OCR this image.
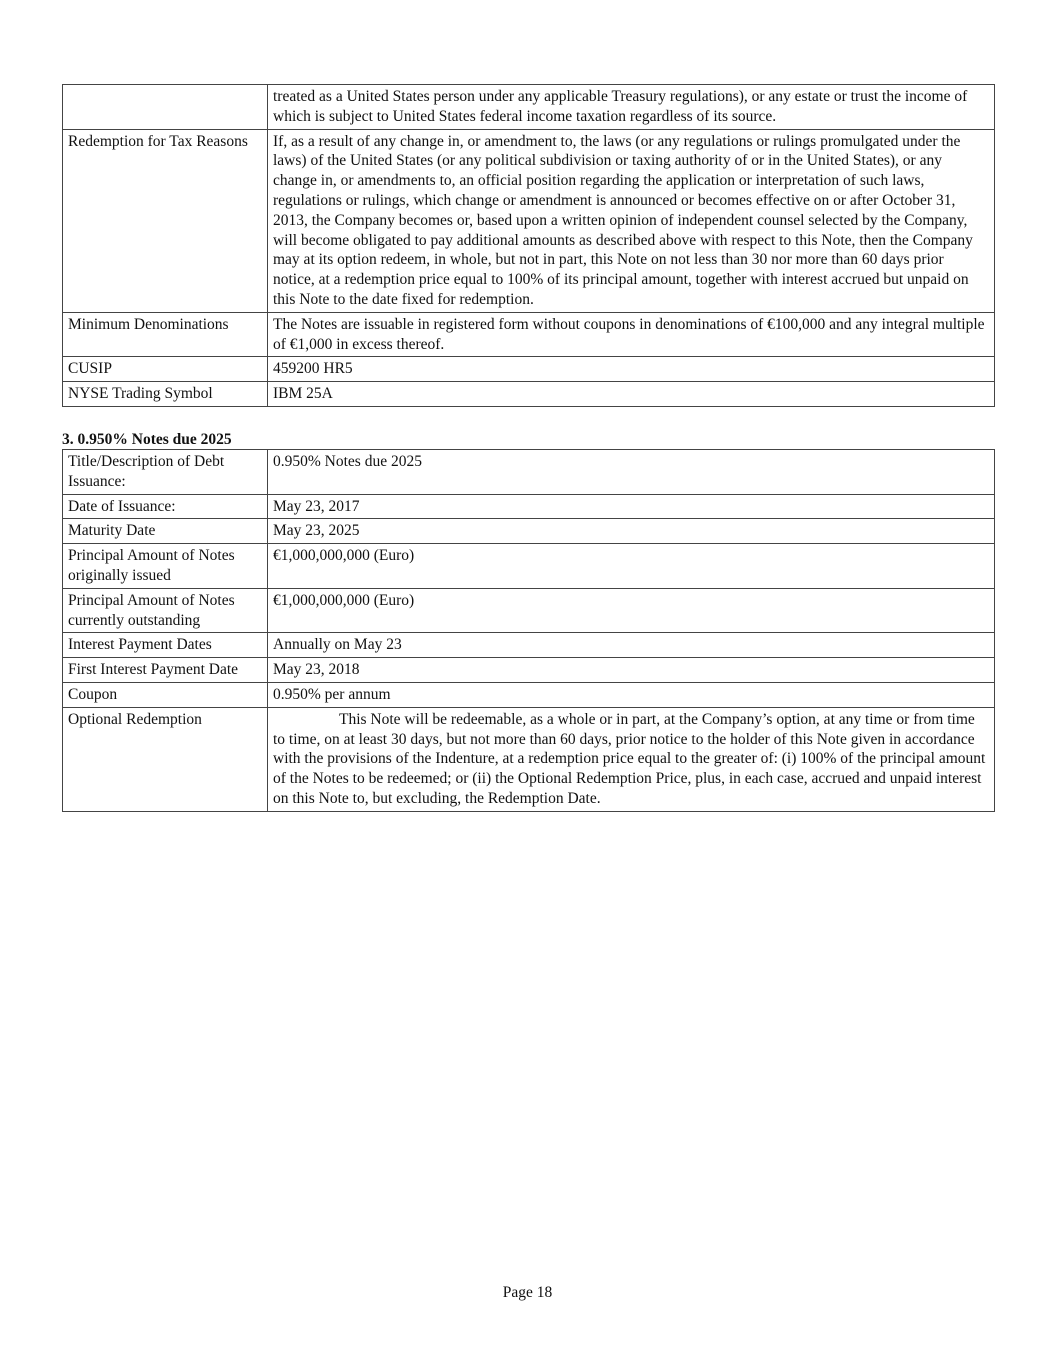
	treated as a United States person under any applicable Treasury regulations), or any estate or trust the income of which is subject to United States federal income taxation regardless of its source.
Redemption for Tax Reasons	If, as a result of any change in, or amendment to, the laws (or any regulations or rulings promulgated under the laws) of the United States (or any political subdivision or taxing authority of or in the United States), or any change in, or amendments to, an official position regarding the application or interpretation of such laws, regulations or rulings, which change or amendment is announced or becomes effective on or after October 31, 2013, the Company becomes or, based upon a written opinion of independent counsel selected by the Company, will become obligated to pay additional amounts as described above with respect to this Note, then the Company may at its option redeem, in whole, but not in part, this Note on not less than 30 nor more than 60 days prior notice, at a redemption price equal to 100% of its principal amount, together with interest accrued but unpaid on this Note to the date fixed for redemption.
Minimum Denominations	The Notes are issuable in registered form without coupons in denominations of €100,000 and any integral multiple of €1,000 in excess thereof.
CUSIP	459200 HR5
NYSE Trading Symbol	IBM 25A
3. 0.950% Notes due 2025
Title/Description of Debt Issuance:	0.950% Notes due 2025
Date of Issuance:	May 23, 2017
Maturity Date	May 23, 2025
Principal Amount of Notes originally issued	€1,000,000,000 (Euro)
Principal Amount of Notes currently outstanding	€1,000,000,000 (Euro)
Interest Payment Dates	Annually on May 23
First Interest Payment Date	May 23, 2018
Coupon	0.950% per annum
Optional Redemption	This Note will be redeemable, as a whole or in part, at the Company’s option, at any time or from time to time, on at least 30 days, but not more than 60 days, prior notice to the holder of this Note given in accordance with the provisions of the Indenture, at a redemption price equal to the greater of: (i) 100% of the principal amount of the Notes to be redeemed; or (ii) the Optional Redemption Price, plus, in each case, accrued and unpaid interest on this Note to, but excluding, the Redemption Date.
Page 18
